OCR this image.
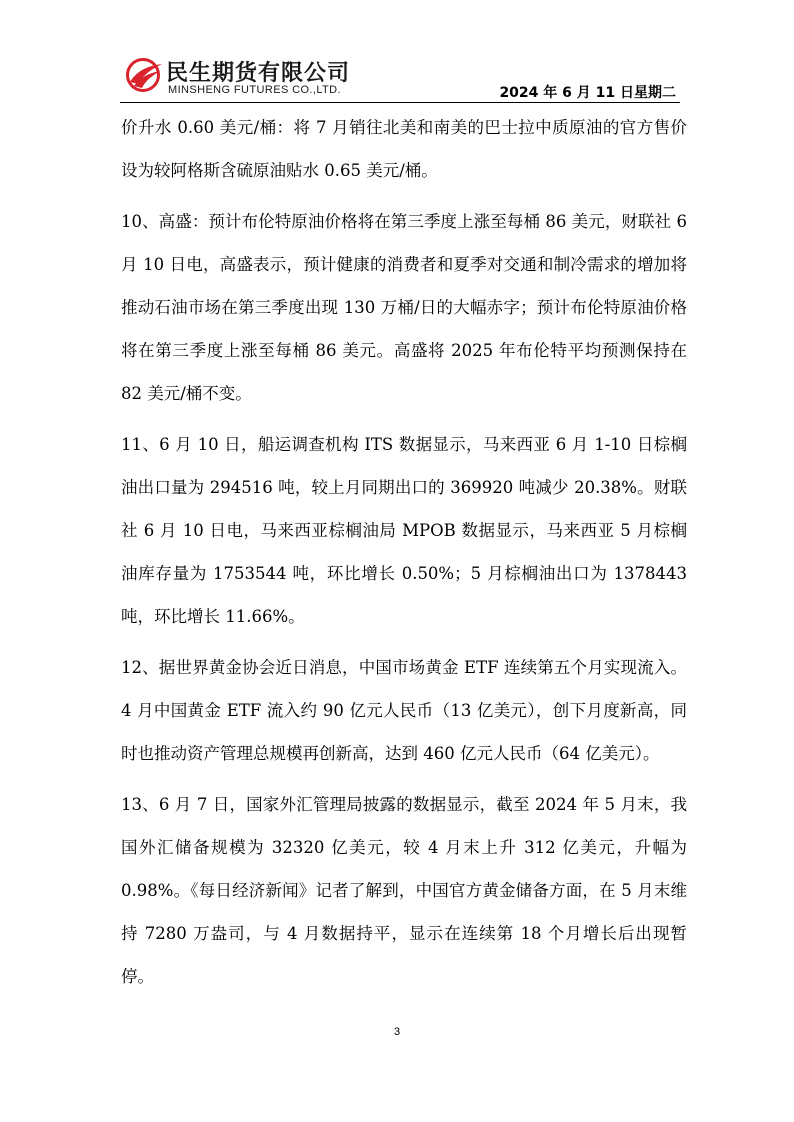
民生期货有限公司
MINSHENG FUTURES CO.,LTD.	2024 年 6 月 11 日星期二

价升水 0.60 美元/桶：将 7 月销往北美和南美的巴士拉中质原油的官方售价设为较阿格斯含硫原油贴水 0.65 美元/桶。

10、高盛：预计布伦特原油价格将在第三季度上涨至每桶 86 美元，财联社 6 月 10 日电，高盛表示，预计健康的消费者和夏季对交通和制冷需求的增加将推动石油市场在第三季度出现 130 万桶/日的大幅赤字；预计布伦特原油价格将在第三季度上涨至每桶 86 美元。高盛将 2025 年布伦特平均预测保持在 82 美元/桶不变。

11、6 月 10 日，船运调查机构 ITS 数据显示，马来西亚 6 月 1-10 日棕榈油出口量为 294516 吨，较上月同期出口的 369920 吨减少 20.38%。财联社 6 月 10 日电，马来西亚棕榈油局 MPOB 数据显示，马来西亚 5 月棕榈油库存量为 1753544 吨，环比增长 0.50%；5 月棕榈油出口为 1378443 吨，环比增长 11.66%。

12、据世界黄金协会近日消息，中国市场黄金 ETF 连续第五个月实现流入。4 月中国黄金 ETF 流入约 90 亿元人民币（13 亿美元），创下月度新高，同时也推动资产管理总规模再创新高，达到 460 亿元人民币（64 亿美元）。

13、6 月 7 日，国家外汇管理局披露的数据显示，截至 2024 年 5 月末，我国外汇储备规模为 32320 亿美元，较 4 月末上升 312 亿美元，升幅为 0.98%。《每日经济新闻》记者了解到，中国官方黄金储备方面，在 5 月末维持 7280 万盎司，与 4 月数据持平，显示在连续第 18 个月增长后出现暂停。

3
